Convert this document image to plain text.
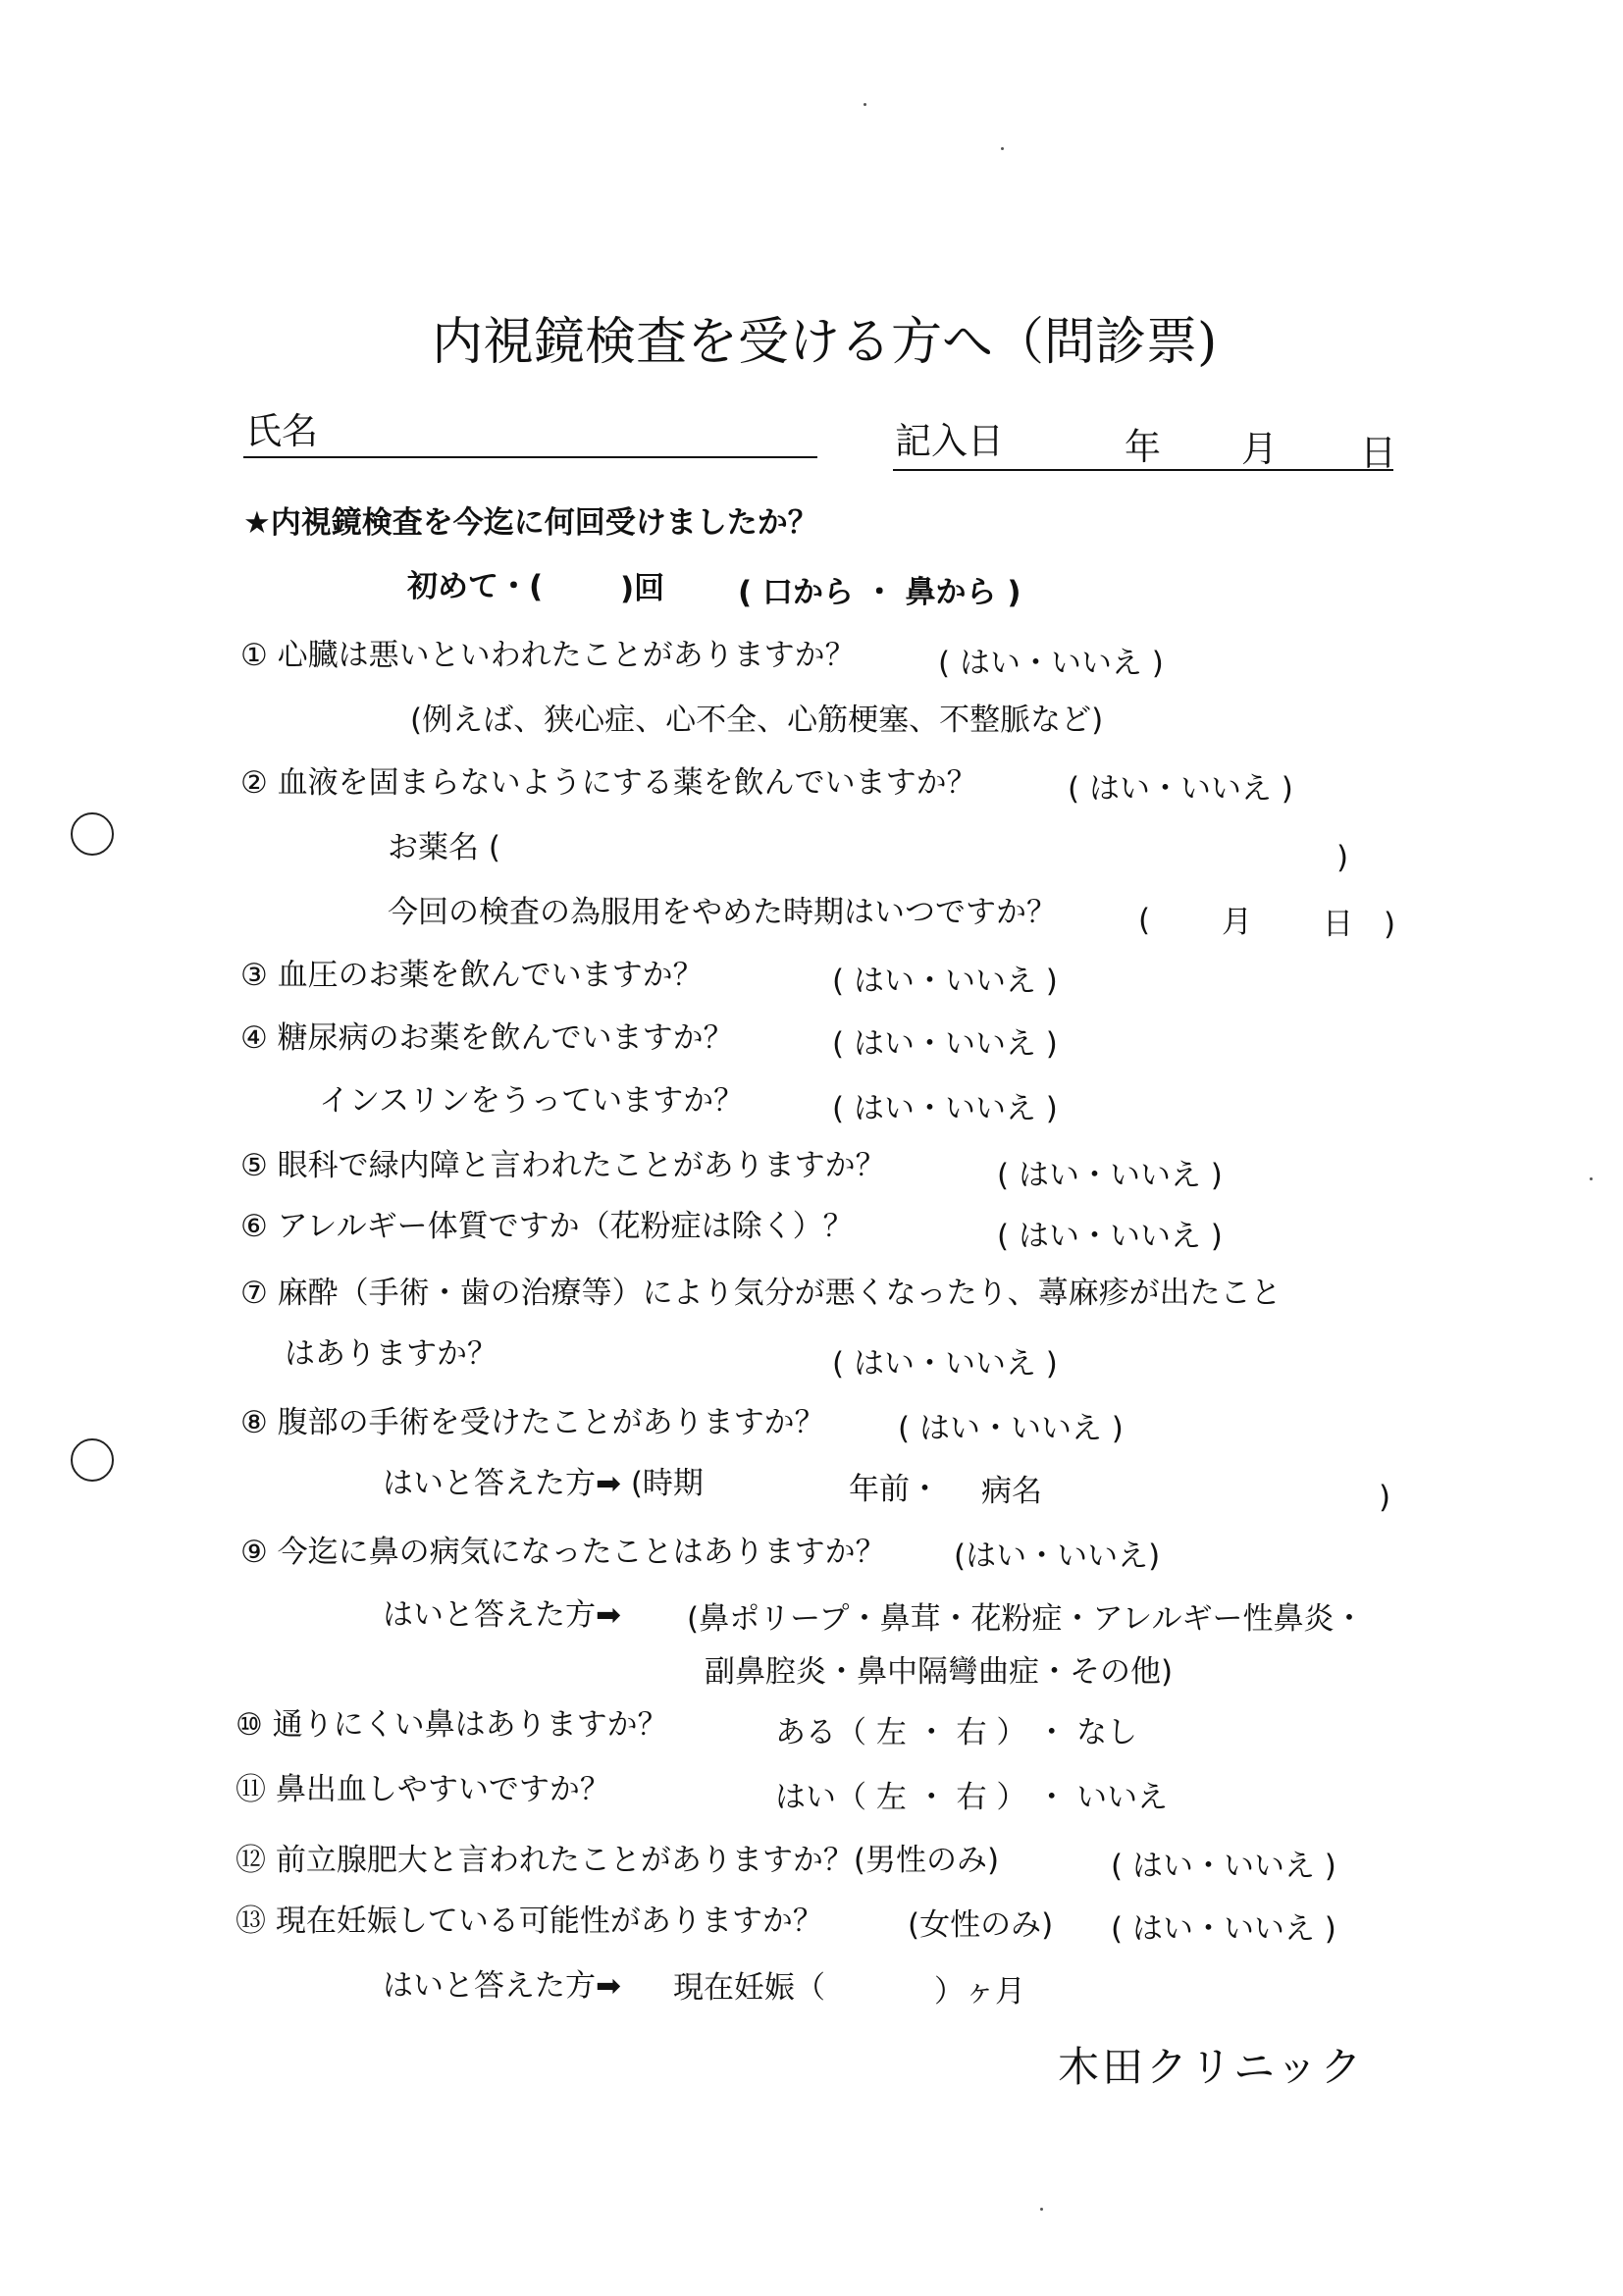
内視鏡検査を受ける方へ（問診票)
氏名	記入日	年 月 日
★内視鏡検査を今迄に何回受けましたか？
初めて・(	)回 ( 口から ・ 鼻から )
① 心臓は悪いといわれたことがありますか？	( はい・いいえ )
(例えば、狭心症、心不全、心筋梗塞、不整脈など)
② 血液を固まらないようにする薬を飲んでいますか？	( はい・いいえ )
お薬名 (	)
今回の検査の為服用をやめた時期はいつですか？	( 月 日 )
③ 血圧のお薬を飲んでいますか？	( はい・いいえ )
④ 糖尿病のお薬を飲んでいますか？	( はい・いいえ )
インスリンをうっていますか？	( はい・いいえ )
⑤ 眼科で緑内障と言われたことがありますか？	( はい・いいえ )
⑥ アレルギー体質ですか（花粉症は除く）？	( はい・いいえ )
⑦ 麻酔（手術・歯の治療等）により気分が悪くなったり、蕁麻疹が出たこと
はありますか？	( はい・いいえ )
⑧ 腹部の手術を受けたことがありますか？ ( はい・いいえ )
はいと答えた方➡ (時期	年前・ 病名	)
⑨ 今迄に鼻の病気になったことはありますか？ (はい・いいえ)
はいと答えた方➡ (鼻ポリープ・鼻茸・花粉症・アレルギー性鼻炎・
副鼻腔炎・鼻中隔彎曲症・その他)
⑩ 通りにくい鼻はありますか？	ある（ 左 ・ 右 ） ・ なし
⑪ 鼻出血しやすいですか？	はい（ 左 ・ 右 ） ・ いいえ
⑫ 前立腺肥大と言われたことがありますか？(男性のみ)	( はい・いいえ )
⑬ 現在妊娠している可能性がありますか？	(女性のみ) ( はい・いいえ )
はいと答えた方➡ 現在妊娠（	）ヶ月
木田クリニック
